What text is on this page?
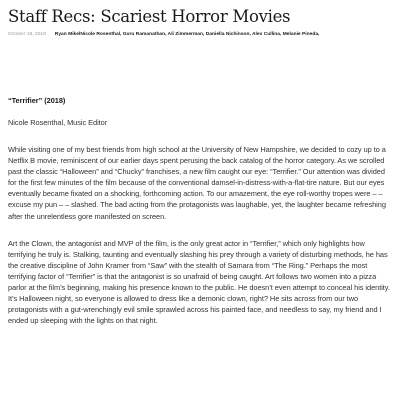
Staff Recs: Scariest Horror Movies
October 19, 2018 Ryan MikelNicole Rosenthal, Guru Ramanathan, Ali Zimmerman, Daniella Nichinson, Alex Cullina, Melanie Pineda,

“Terrifier” (2018)

Nicole Rosenthal, Music Editor

While visiting one of my best friends from high school at the University of New Hampshire, we decided to cozy up to a Netflix B movie, reminiscent of our earlier days spent perusing the back catalog of the horror category. As we scrolled past the classic “Halloween” and “Chucky” franchises, a new film caught our eye: “Terrifier.” Our attention was divided for the first few minutes of the film because of the conventional damsel-in-distress-with-a-flat-tire nature. But our eyes eventually became fixated on a shocking, forthcoming action. To our amazement, the eye roll-worthy tropes were – – excuse my pun – – slashed. The bad acting from the protagonists was laughable, yet, the laughter became refreshing after the unrelentless gore manifested on screen.

Art the Clown, the antagonist and MVP of the film, is the only great actor in “Terrifier,” which only highlights how terrifying he truly is. Stalking, taunting and eventually slashing his prey through a variety of disturbing methods, he has the creative discipline of John Kramer from “Saw” with the stealth of Samara from “The Ring.” Perhaps the most terrifying factor of “Terrifier” is that the antagonist is so unafraid of being caught. Art follows two women into a pizza parlor at the film’s beginning, making his presence known to the public. He doesn’t even attempt to conceal his identity. It’s Halloween night, so everyone is allowed to dress like a demonic clown, right? He sits across from our two protagonists with a gut-wrenchingly evil smile sprawled across his painted face, and needless to say, my friend and I ended up sleeping with the lights on that night.
